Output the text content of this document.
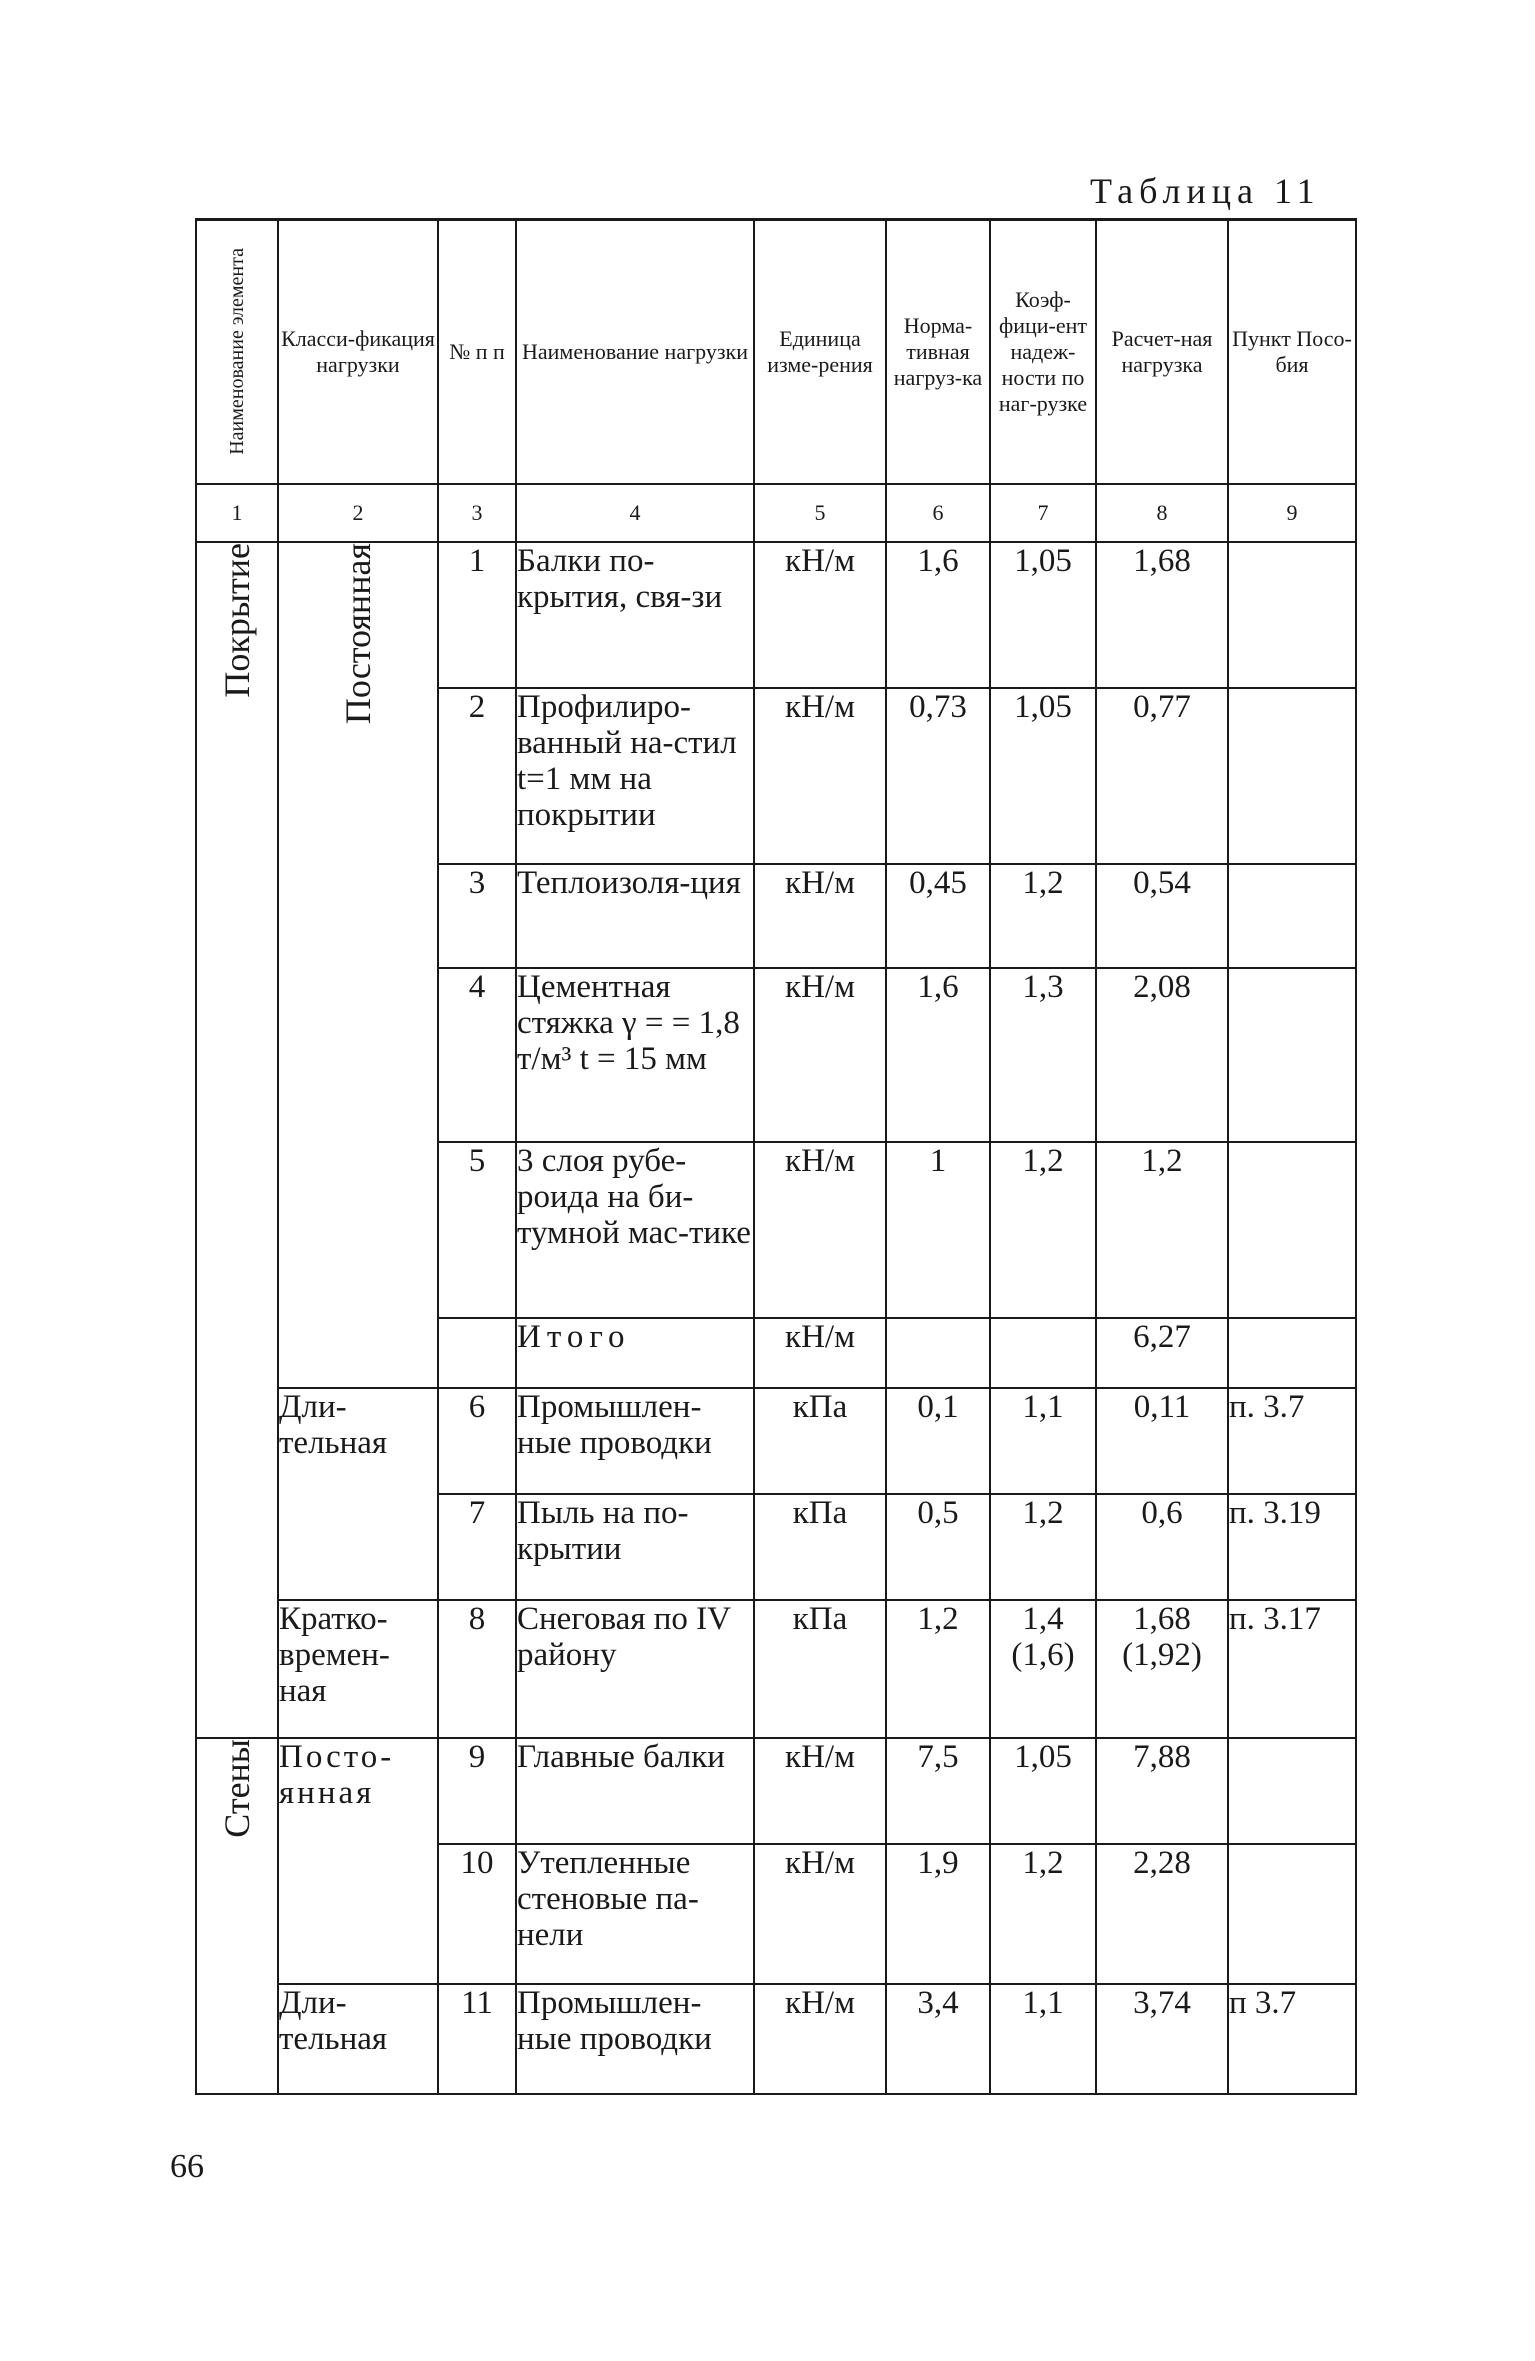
Таблица 11
Наименование элемента	Класси-фикация нагрузки	№ п п	Наименование нагрузки	Единица изме-рения	Норма-тивная нагруз-ка	Коэф-фици-ент надеж-ности по наг-рузке	Расчет-ная нагрузка	Пункт Посо-бия
1	2	3	4	5	6	7	8	9

Покрытие	Постоянная	1	Балки по-крытия, свя-зи	кН/м	1,6	1,05	1,68	
		2	Профилиро-ванный на-стил t=1 мм на покрытии	кН/м	0,73	1,05	0,77	
		3	Теплоизоля-ция	кН/м	0,45	1,2	0,54	
		4	Цементная стяжка γ = = 1,8 т/м³ t = 15 мм	кН/м	1,6	1,3	2,08	
		5	3 слоя рубе-роида на би-тумной мас-тике	кН/м	1	1,2	1,2	
			Итого	кН/м			6,27	
	Дли-тельная	6	Промышлен-ные проводки	кПа	0,1	1,1	0,11	п. 3.7
		7	Пыль на по-крытии	кПа	0,5	1,2	0,6	п. 3.19
	Кратко-времен-ная	8	Снеговая по IV району	кПа	1,2	1,4 (1,6)	1,68 (1,92)	п. 3.17

Стены	Посто-янная	9	Главные балки	кН/м	7,5	1,05	7,88	
		10	Утепленные стеновые па-нели	кН/м	1,9	1,2	2,28	
	Дли-тельная	11	Промышлен-ные проводки	кН/м	3,4	1,1	3,74	п 3.7
66
